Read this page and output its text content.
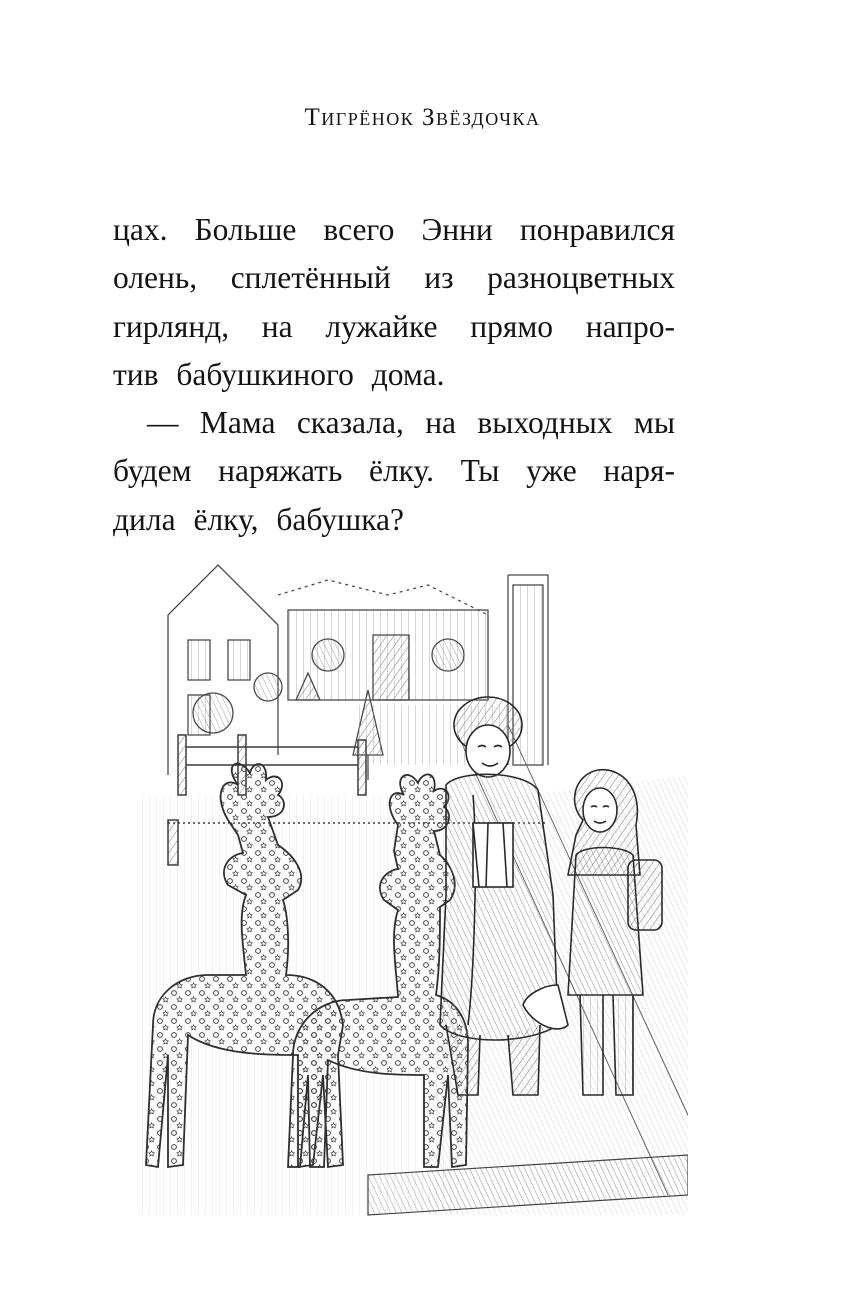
Тигрёнок Звёздочка
цах. Больше всего Энни понравился
олень, сплетённый из разноцветных
гирлянд, на лужайке прямо напро-
тив бабушкиного дома.
— Мама сказала, на выходных мы
будем наряжать ёлку. Ты уже наря-
дила ёлку, бабушка?
